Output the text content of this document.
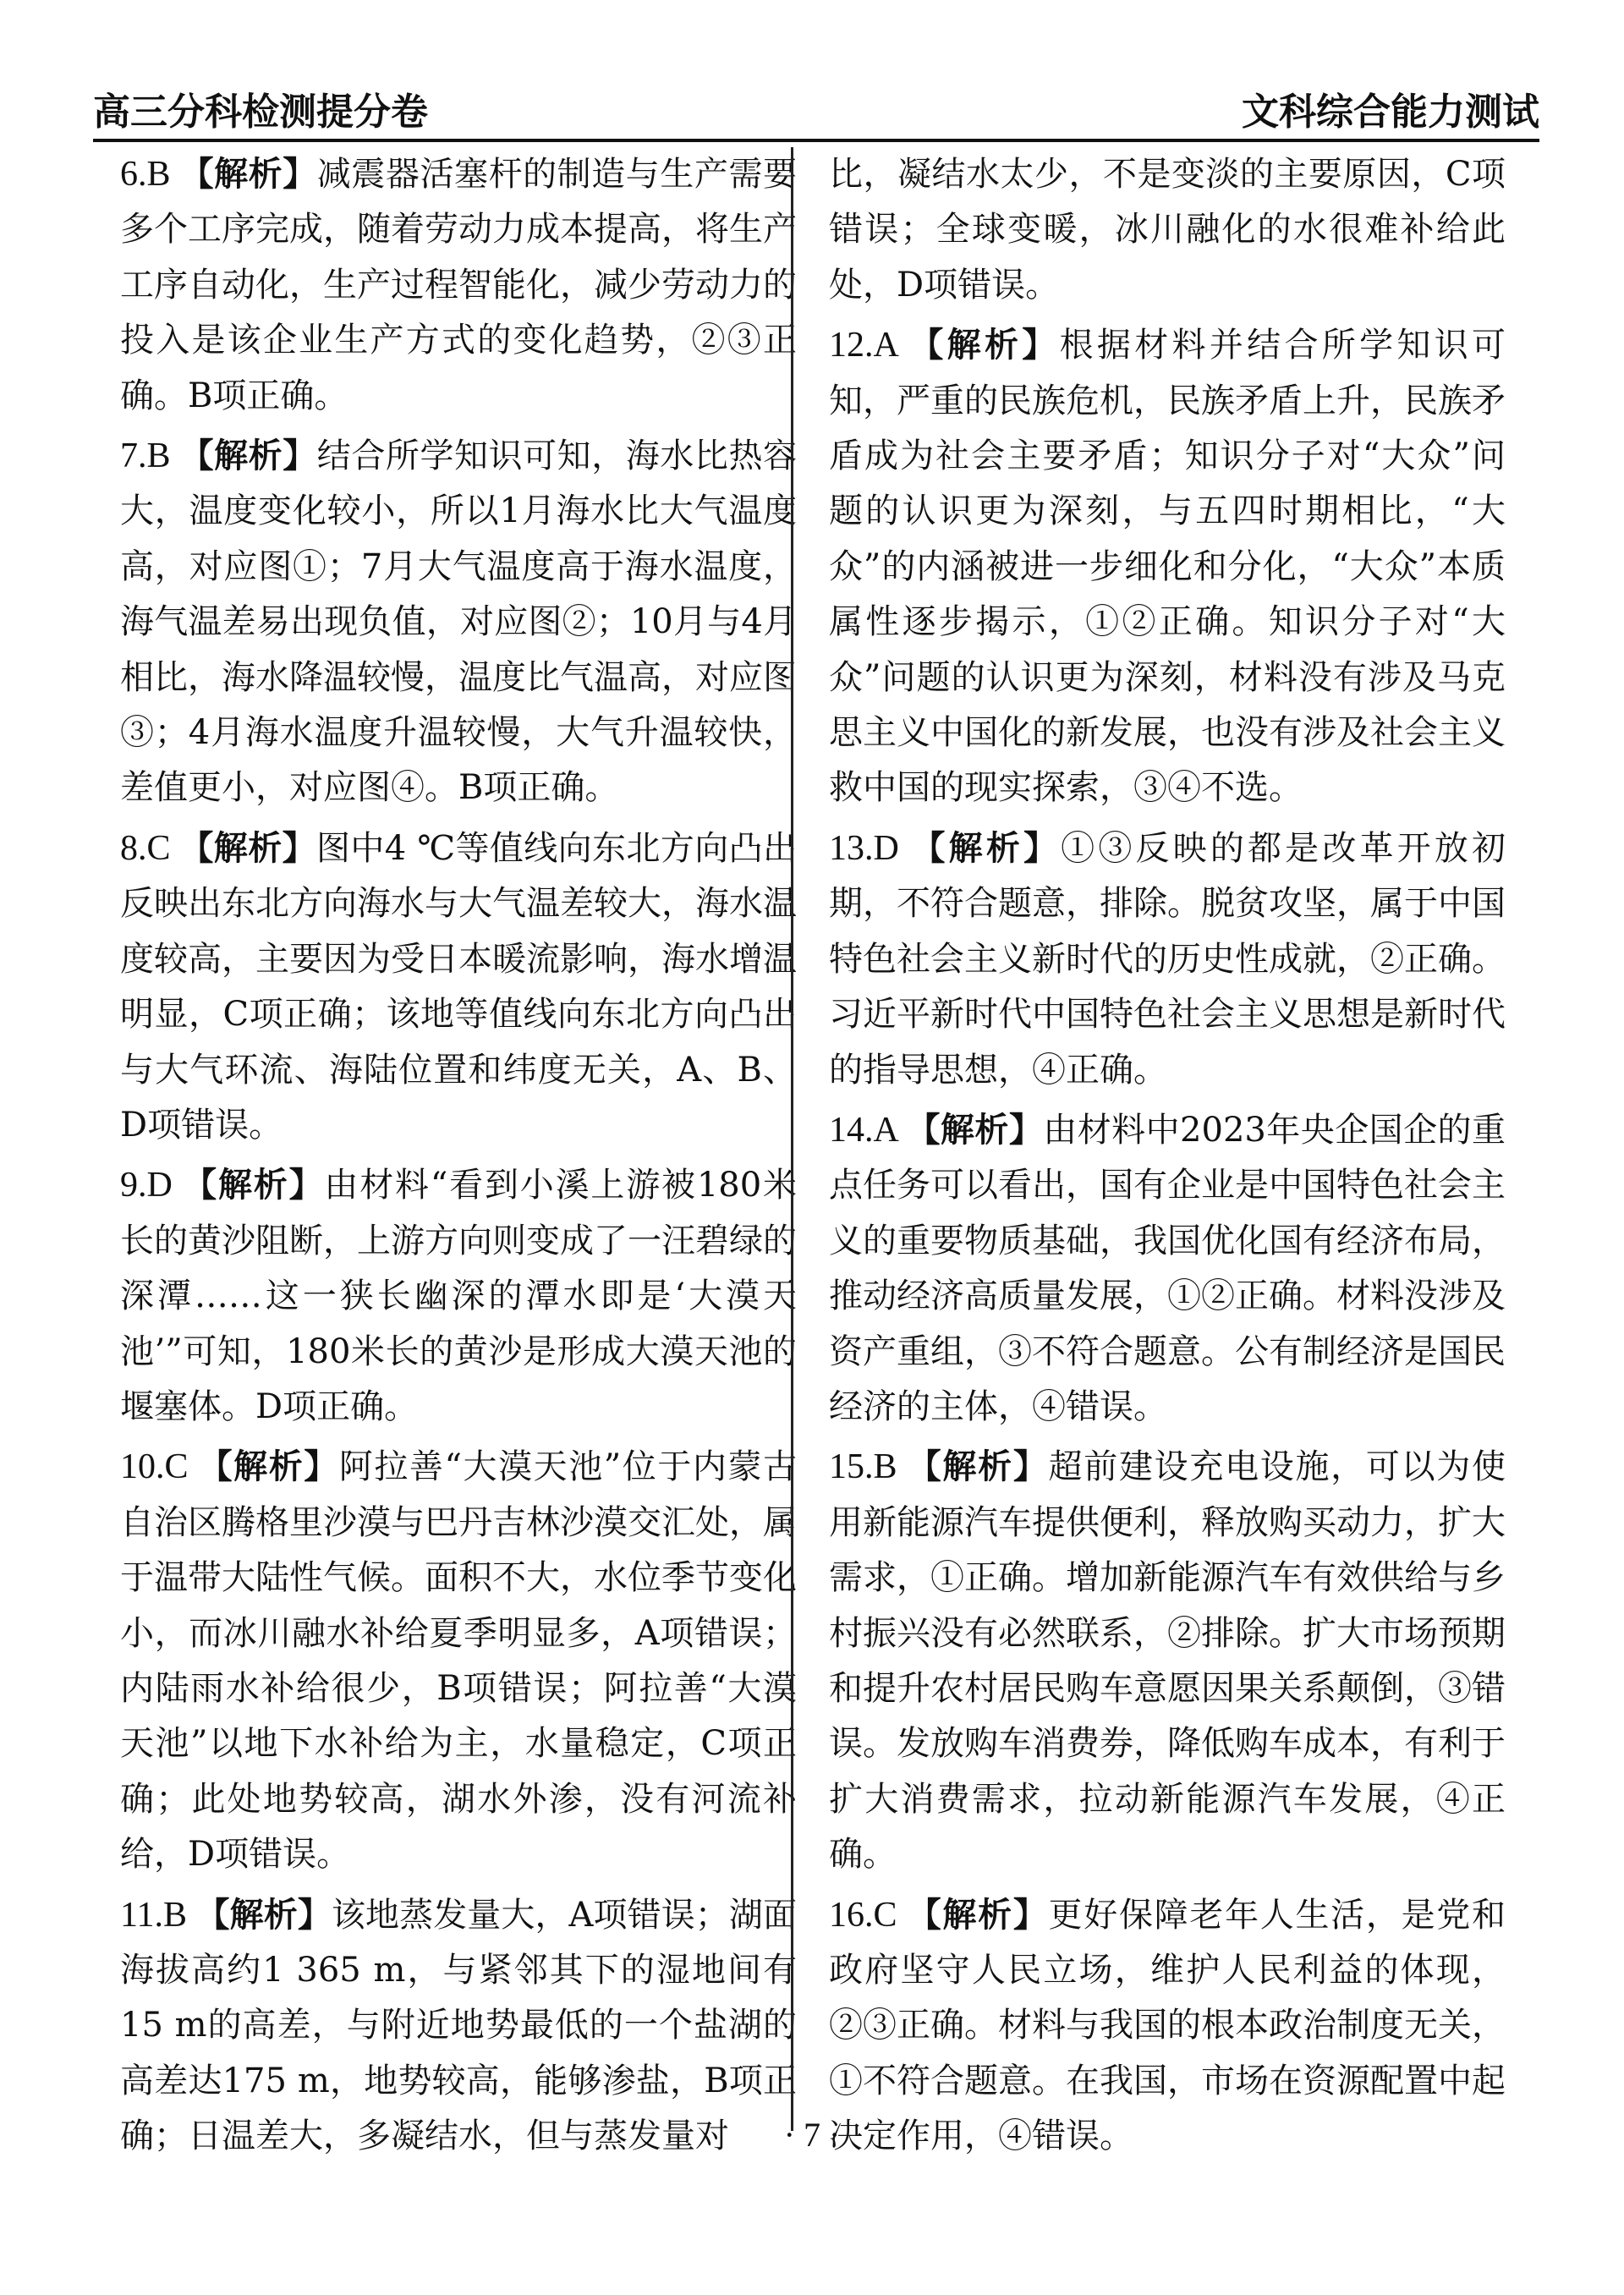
高三分科检测提分卷	文科综合能力测试

6.B 【解析】减震器活塞杆的制造与生产需要多个工序完成，随着劳动力成本提高，将生产工序自动化，生产过程智能化，减少劳动力的投入是该企业生产方式的变化趋势，②③正确。B项正确。

7.B 【解析】结合所学知识可知，海水比热容大，温度变化较小，所以1月海水比大气温度高，对应图①；7月大气温度高于海水温度，海气温差易出现负值，对应图②；10月与4月相比，海水降温较慢，温度比气温高，对应图③；4月海水温度升温较慢，大气升温较快，差值更小，对应图④。B项正确。

8.C 【解析】图中4 ℃等值线向东北方向凸出反映出东北方向海水与大气温差较大，海水温度较高，主要因为受日本暖流影响，海水增温明显，C项正确；该地等值线向东北方向凸出与大气环流、海陆位置和纬度无关，A、B、D项错误。

9.D 【解析】由材料“看到小溪上游被180米长的黄沙阻断，上游方向则变成了一汪碧绿的深潭……这一狭长幽深的潭水即是‘大漠天池’”可知，180米长的黄沙是形成大漠天池的堰塞体。D项正确。

10.C 【解析】阿拉善“大漠天池”位于内蒙古自治区腾格里沙漠与巴丹吉林沙漠交汇处，属于温带大陆性气候。面积不大，水位季节变化小，而冰川融水补给夏季明显多，A项错误；内陆雨水补给很少，B项错误；阿拉善“大漠天池”以地下水补给为主，水量稳定，C项正确；此处地势较高，湖水外渗，没有河流补给，D项错误。

11.B 【解析】该地蒸发量大，A项错误；湖面海拔高约1 365 m，与紧邻其下的湿地间有15 m的高差，与附近地势最低的一个盐湖的高差达175 m，地势较高，能够渗盐，B项正确；日温差大，多凝结水，但与蒸发量对

比，凝结水太少，不是变淡的主要原因，C项错误；全球变暖，冰川融化的水很难补给此处，D项错误。

12.A 【解析】根据材料并结合所学知识可知，严重的民族危机，民族矛盾上升，民族矛盾成为社会主要矛盾；知识分子对“大众”问题的认识更为深刻，与五四时期相比，“大众”的内涵被进一步细化和分化，“大众”本质属性逐步揭示，①②正确。知识分子对“大众”问题的认识更为深刻，材料没有涉及马克思主义中国化的新发展，也没有涉及社会主义救中国的现实探索，③④不选。

13.D 【解析】①③反映的都是改革开放初期，不符合题意，排除。脱贫攻坚，属于中国特色社会主义新时代的历史性成就，②正确。习近平新时代中国特色社会主义思想是新时代的指导思想，④正确。

14.A 【解析】由材料中2023年央企国企的重点任务可以看出，国有企业是中国特色社会主义的重要物质基础，我国优化国有经济布局，推动经济高质量发展，①②正确。材料没涉及资产重组，③不符合题意。公有制经济是国民经济的主体，④错误。

15.B 【解析】超前建设充电设施，可以为使用新能源汽车提供便利，释放购买动力，扩大需求，①正确。增加新能源汽车有效供给与乡村振兴没有必然联系，②排除。扩大市场预期和提升农村居民购车意愿因果关系颠倒，③错误。发放购车消费券，降低购车成本，有利于扩大消费需求，拉动新能源汽车发展，④正确。

16.C 【解析】更好保障老年人生活，是党和政府坚守人民立场，维护人民利益的体现，②③正确。材料与我国的根本政治制度无关，①不符合题意。在我国，市场在资源配置中起决定作用，④错误。

· 7 ·
